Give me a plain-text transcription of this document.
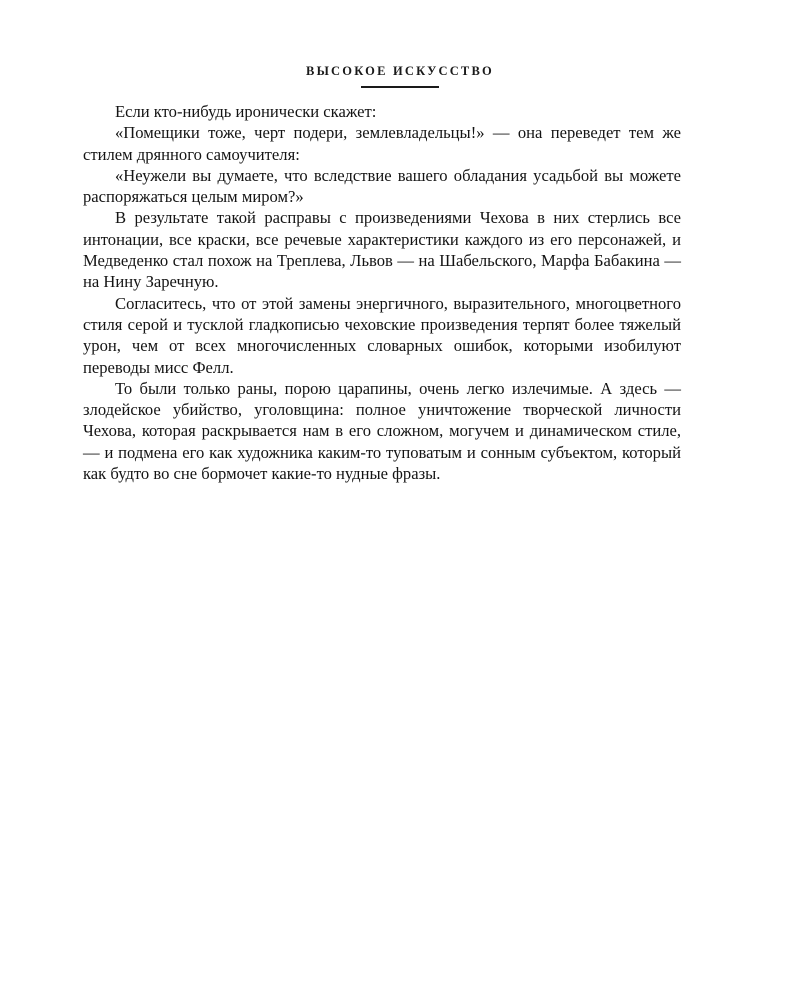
ВЫСОКОЕ ИСКУССТВО

Если кто-нибудь иронически скажет:

«Помещики тоже, черт подери, землевладельцы!» — она переведет тем же стилем дрянного самоучителя:

«Неужели вы думаете, что вследствие вашего обладания усадьбой вы можете распоряжаться целым миром?»

В результате такой расправы с произведениями Чехова в них стерлись все интонации, все краски, все речевые характеристики каждого из его персонажей, и Медведенко стал похож на Треплева, Львов — на Шабельского, Марфа Бабакина — на Нину Заречную.

Согласитесь, что от этой замены энергичного, выразительного, многоцветного стиля серой и тусклой гладкописью чеховские произведения терпят более тяжелый урон, чем от всех многочисленных словарных ошибок, которыми изобилуют переводы мисс Фелл.

То были только раны, порою царапины, очень легко излечимые. А здесь — злодейское убийство, уголовщина: полное уничтожение творческой личности Чехова, которая раскрывается нам в его сложном, могучем и динамическом стиле, — и подмена его как художника каким-то туповатым и сонным субъектом, который как будто во сне бормочет какие-то нудные фразы.
